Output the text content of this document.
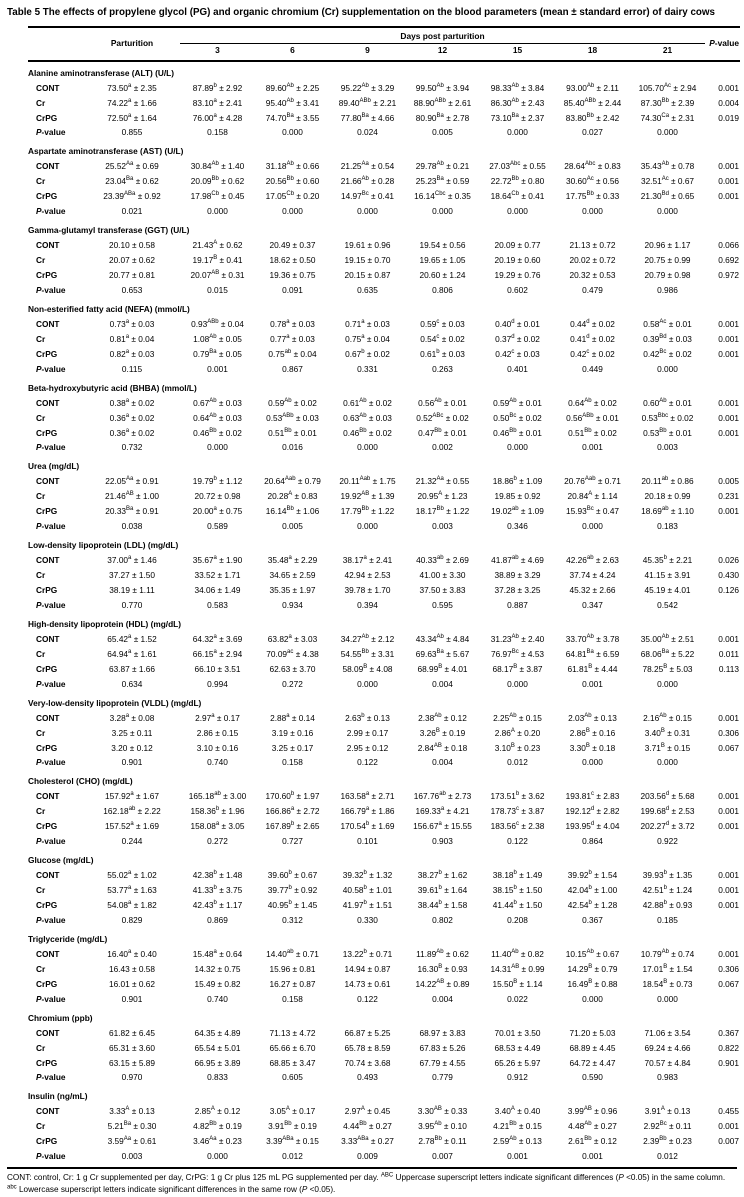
Table 5 The effects of propylene glycol (PG) and organic chromium (Cr) supplementation on the blood parameters (mean ± standard error) of dairy cows
	Parturition	Days post parturition							P-value
		3	6	9	12	15	18	21	
Alanine aminotransferase (ALT) (U/L)									
CONT	73.50$^a$ ± 2.35	87.89$^b$ ± 2.92	$89.60^{Ab} \pm 2.25$	$95.22^{Ab} \pm 3.29$	$99.50^{Ab} \pm 3.94$	$98.33^{Ab} \pm 3.84$	$93.00^{Ab} \pm 2.11$	$105.70^{Ac} \pm 2.94$	0.001
Cr	74.22$^a$ ± 1.66	83.10$^a$ ± 2.41	$95.40^{Ab} \pm 3.41$	$89.40^{ABb} \pm 2.21$	$88.90^{ABb} \pm 2.61$	$86.30^{Ab} \pm 2.43$	$85.40^{ABb} \pm 2.44$	$87.30^{Bb} \pm 2.39$	0.004
CrPG	72.50$^a$ ± 1.64	76.00$^a$ ± 4.28	$74.70^{Ba} \pm 3.55$	$77.80^{Ba} \pm 4.66$	$80.90^{Ba} \pm 2.78$	$73.10^{Ba} \pm 2.37$	$83.80^{Bb} \pm 2.42$	$74.30^{Ca} \pm 2.31$	0.019
P-value	0.855	0.158	0.000	0.024	0.005	0.000	0.027	0.000	
Aspartate aminotransferase (AST) (U/L)									
CONT	$25.52^{Aa} \pm 0.69$	$30.84^{Ab} \pm 1.40$	$31.18^{Ab} \pm 0.66$	$21.25^{Aa} \pm 0.54$	$29.78^{Ab} \pm 0.21$	$27.03^{Abc} \pm 0.55$	$28.64^{Abc} \pm 0.83$	$35.43^{Ab} \pm 0.78$	0.001
Cr	$23.04^{Ba} \pm 0.62$	$20.09^{Bb} \pm 0.62$	$20.56^{Bb} \pm 0.60$	$21.66^{Ab} \pm 0.28$	$25.23^{Ba} \pm 0.59$	$22.72^{Bb} \pm 0.80$	$30.60^{Ac} \pm 0.56$	$32.51^{Ac} \pm 0.67$	0.001
CrPG	$23.39^{ABa} \pm 0.92$	$17.98^{Cb} \pm 0.45$	$17.05^{Cb} \pm 0.20$	$14.97^{Bc} \pm 0.41$	$16.14^{Cbc} \pm 0.35$	$18.64^{Cb} \pm 0.41$	$17.75^{Bb} \pm 0.33$	$21.30^{Bd} \pm 0.65$	0.001
P-value	0.021	0.000	0.000	0.000	0.000	0.000	0.000	0.000	
Gamma-glutamyl transferase (GGT) (U/L)									
CONT	20.10 ± 0.58	$21.43^A \pm 0.62$	20.49 ± 0.37	19.61 ± 0.96	19.54 ± 0.56	20.09 ± 0.77	21.13 ± 0.72	20.96 ± 1.17	0.066
Cr	20.07 ± 0.62	$19.17^B \pm 0.41$	18.62 ± 0.50	19.15 ± 0.70	19.65 ± 1.05	20.19 ± 0.60	20.02 ± 0.72	20.75 ± 0.99	0.692
CrPG	20.77 ± 0.81	$20.07^{AB} \pm 0.31$	19.36 ± 0.75	20.15 ± 0.87	20.60 ± 1.24	19.29 ± 0.76	20.32 ± 0.53	20.79 ± 0.98	0.972
P-value	0.653	0.015	0.091	0.635	0.806	0.602	0.479	0.986	
Non-esterified fatty acid (NEFA) (mmol/L)									
CONT	0.73$^a$ ± 0.03	$0.93^{ABb} \pm 0.04$	0.78$^a$ ± 0.03	0.71$^a$ ± 0.03	0.59$^c$ ± 0.03	0.40$^d$ ± 0.01	0.44$^d$ ± 0.02	$0.58^{Ac} \pm 0.01$	0.001
Cr	0.81$^a$ ± 0.04	$1.08^{Ab} \pm 0.05$	0.77$^a$ ± 0.03	0.75$^a$ ± 0.04	0.54$^c$ ± 0.02	0.37$^d$ ± 0.02	0.41$^d$ ± 0.02	$0.39^{Bd} \pm 0.03$	0.001
CrPG	0.82$^a$ ± 0.03	$0.79^{Ba} \pm 0.05$	0.75$^{ab}$ ± 0.04	0.67$^b$ ± 0.02	0.61$^b$ ± 0.03	0.42$^c$ ± 0.03	0.42$^c$ ± 0.02	$0.42^{Bc} \pm 0.02$	0.001
P-value	0.115	0.001	0.867	0.331	0.263	0.401	0.449	0.000	
Beta-hydroxybutyric acid (BHBA) (mmol/L)									
CONT	0.38$^a$ ± 0.02	$0.67^{Ab} \pm 0.03$	$0.59^{Ab} \pm 0.02$	$0.61^{Ab} \pm 0.02$	$0.56^{Ab} \pm 0.01$	$0.59^{Ab} \pm 0.01$	$0.64^{Ab} \pm 0.02$	$0.60^{Ab} \pm 0.01$	0.001
Cr	0.36$^a$ ± 0.02	$0.64^{Ab} \pm 0.03$	$0.53^{ABb} \pm 0.03$	$0.63^{Ab} \pm 0.03$	$0.52^{ABc} \pm 0.02$	$0.50^{Bc} \pm 0.02$	$0.56^{ABb} \pm 0.01$	$0.53^{Bbc} \pm 0.02$	0.001
CrPG	0.36$^a$ ± 0.02	$0.46^{Bb} \pm 0.02$	$0.51^{Bb} \pm 0.01$	$0.46^{Bb} \pm 0.02$	$0.47^{Bb} \pm 0.01$	$0.46^{Bb} \pm 0.01$	$0.51^{Bb} \pm 0.02$	$0.53^{Bb} \pm 0.01$	0.001
P-value	0.732	0.000	0.016	0.000	0.002	0.000	0.001	0.003	
Urea (mg/dL)									
CONT	$22.05^{Aa} \pm 0.91$	19.79$^b$ ± 1.12	$20.64^{Aab} \pm 0.79$	$20.11^{Aab} \pm 1.75$	$21.32^{Aa} \pm 0.55$	18.86$^b$ ± 1.09	$20.76^{Aab} \pm 0.71$	20.11$^{ab}$ ± 0.86	0.005
Cr	$21.46^{AB} \pm 1.00$	20.72 ± 0.98	$20.28^A \pm 0.83$	$19.92^{AB} \pm 1.39$	$20.95^A \pm 1.23$	19.85 ± 0.92	$20.84^A \pm 1.14$	20.18 ± 0.99	0.231
CrPG	$20.33^{Ba} \pm 0.91$	20.00$^a$ ± 0.75	$16.14^{Bb} \pm 1.06$	$17.79^{Bb} \pm 1.22$	$18.17^{Bb} \pm 1.22$	19.02$^{ab}$ ± 1.09	$15.93^{Bc} \pm 0.47$	18.69$^{ab}$ ± 1.10	0.001
P-value	0.038	0.589	0.005	0.000	0.003	0.346	0.000	0.183	
Low-density lipoprotein (LDL) (mg/dL)									
CONT	37.00$^a$ ± 1.46	35.67$^a$ ± 1.90	35.48$^a$ ± 2.29	38.17$^a$ ± 2.41	40.33$^{ab}$ ± 2.69	41.87$^{ab}$ ± 4.69	42.26$^{ab}$ ± 2.63	45.35$^b$ ± 2.21	0.026
Cr	37.27 ± 1.50	33.52 ± 1.71	34.65 ± 2.59	42.94 ± 2.53	41.00 ± 3.30	38.89 ± 3.29	37.74 ± 4.24	41.15 ± 3.91	0.430
CrPG	38.19 ± 1.11	34.06 ± 1.49	35.35 ± 1.97	39.78 ± 1.70	37.50 ± 3.83	37.28 ± 3.25	45.32 ± 2.66	45.19 ± 4.01	0.126
P-value	0.770	0.583	0.934	0.394	0.595	0.887	0.347	0.542	
High-density lipoprotein (HDL) (mg/dL)									
CONT	65.42$^a$ ± 1.52	64.32$^a$ ± 3.69	63.82$^a$ ± 3.03	$34.27^{Ab} \pm 2.12$	$43.34^{Ab} \pm 4.84$	$31.23^{Ab} \pm 2.40$	$33.70^{Ab} \pm 3.78$	$35.00^{Ab} \pm 2.51$	0.001
Cr	64.94$^a$ ± 1.61	66.15$^a$ ± 2.94	70.09$^{ac}$ ± 4.38	$54.55^{Bb} \pm 3.31$	$69.63^{Ba} \pm 5.67$	$76.97^{Bc} \pm 4.53$	$64.81^{Ba} \pm 6.59$	$68.06^{Ba} \pm 5.22$	0.011
CrPG	63.87 ± 1.66	66.10 ± 3.51	62.63 ± 3.70	$58.09^B \pm 4.08$	$68.99^B \pm 4.01$	$68.17^B \pm 3.87$	$61.81^B \pm 4.44$	$78.25^B \pm 5.03$	0.113
P-value	0.634	0.994	0.272	0.000	0.004	0.000	0.001	0.000	
Very-low-density lipoprotein (VLDL) (mg/dL)									
CONT	3.28$^a$ ± 0.08	2.97$^a$ ± 0.17	2.88$^a$ ± 0.14	2.63$^b$ ± 0.13	$2.38^{Ab} \pm 0.12$	$2.25^{Ab} \pm 0.15$	$2.03^{Ab} \pm 0.13$	$2.16^{Ab} \pm 0.15$	0.001
Cr	3.25 ± 0.11	2.86 ± 0.15	3.19 ± 0.16	2.99 ± 0.17	$3.26^B \pm 0.19$	$2.86^A \pm 0.20$	$2.86^B \pm 0.16$	$3.40^B \pm 0.31$	0.306
CrPG	3.20 ± 0.12	3.10 ± 0.16	3.25 ± 0.17	2.95 ± 0.12	$2.84^{AB} \pm 0.18$	$3.10^B \pm 0.23$	$3.30^B \pm 0.18$	$3.71^B \pm 0.15$	0.067
P-value	0.901	0.740	0.158	0.122	0.004	0.012	0.000	0.000	
Cholesterol (CHO) (mg/dL)									
CONT	157.92$^a$ ± 1.67	165.18$^{ab}$ ± 3.00	170.60$^b$ ± 1.97	163.58$^a$ ± 2.71	167.76$^{ab}$ ± 2.73	173.51$^b$ ± 3.62	193.81$^c$ ± 2.83	203.56$^d$ ± 5.68	0.001
Cr	162.18$^{ab}$ ± 2.22	158.36$^b$ ± 1.96	166.86$^a$ ± 2.72	166.79$^a$ ± 1.86	169.33$^a$ ± 4.21	178.73$^c$ ± 3.87	192.12$^d$ ± 2.82	199.68$^d$ ± 2.53	0.001
CrPG	157.52$^a$ ± 1.69	158.08$^a$ ± 3.05	167.89$^b$ ± 2.65	170.54$^b$ ± 1.69	156.67$^a$ ± 15.55	183.56$^c$ ± 2.38	193.95$^d$ ± 4.04	202.27$^d$ ± 3.72	0.001
P-value	0.244	0.272	0.727	0.101	0.903	0.122	0.864	0.922	
Glucose (mg/dL)									
CONT	55.02$^a$ ± 1.02	42.38$^b$ ± 1.48	39.60$^b$ ± 0.67	39.32$^b$ ± 1.32	38.27$^b$ ± 1.62	38.18$^b$ ± 1.49	39.92$^b$ ± 1.54	39.93$^b$ ± 1.35	0.001
Cr	53.77$^a$ ± 1.63	41.33$^b$ ± 3.75	39.77$^b$ ± 0.92	40.58$^b$ ± 1.01	39.61$^b$ ± 1.64	38.15$^b$ ± 1.50	42.04$^b$ ± 1.00	42.51$^b$ ± 1.24	0.001
CrPG	54.08$^a$ ± 1.82	42.43$^b$ ± 1.17	40.95$^b$ ± 1.45	41.97$^b$ ± 1.51	38.44$^b$ ± 1.58	41.44$^b$ ± 1.50	42.54$^b$ ± 1.28	42.88$^b$ ± 0.93	0.001
P-value	0.829	0.869	0.312	0.330	0.802	0.208	0.367	0.185	
Triglyceride (mg/dL)									
CONT	16.40$^a$ ± 0.40	15.48$^a$ ± 0.64	14.40$^{ab}$ ± 0.71	13.22$^b$ ± 0.71	$11.89^{Ab} \pm 0.62$	$11.40^{Ab} \pm 0.82$	$10.15^{Ab} \pm 0.67$	$10.79^{Ab} \pm 0.74$	0.001
Cr	16.43 ± 0.58	14.32 ± 0.75	15.96 ± 0.81	14.94 ± 0.87	$16.30^B \pm 0.93$	$14.31^{AB} \pm 0.99$	$14.29^B \pm 0.79$	$17.01^B \pm 1.54$	0.306
CrPG	16.01 ± 0.62	15.49 ± 0.82	16.27 ± 0.87	14.73 ± 0.61	$14.22^{AB} \pm 0.89$	$15.50^B \pm 1.14$	$16.49^B \pm 0.88$	$18.54^B \pm 0.73$	0.067
P-value	0.901	0.740	0.158	0.122	0.004	0.022	0.000	0.000	
Chromium (ppb)									
CONT	61.82 ± 6.45	64.35 ± 4.89	71.13 ± 4.72	66.87 ± 5.25	68.97 ± 3.83	70.01 ± 3.50	71.20 ± 5.03	71.06 ± 3.54	0.367
Cr	65.31 ± 3.60	65.54 ± 5.01	65.66 ± 6.70	65.78 ± 8.59	67.83 ± 5.26	68.53 ± 4.49	68.89 ± 4.45	69.24 ± 4.66	0.822
CrPG	63.15 ± 5.89	66.95 ± 3.89	68.85 ± 3.47	70.74 ± 3.68	67.79 ± 4.55	65.26 ± 5.97	64.72 ± 4.47	70.57 ± 4.84	0.901
P-value	0.970	0.833	0.605	0.493	0.779	0.912	0.590	0.983	
Insulin (ng/mL)									
CONT	$3.33^A \pm 0.13$	$2.85^A \pm 0.12$	$3.05^A \pm 0.17$	$2.97^A \pm 0.45$	$3.30^{AB} \pm 0.33$	$3.40^A \pm 0.40$	$3.99^{AB} \pm 0.96$	$3.91^A \pm 0.13$	0.455
Cr	$5.21^{Ba} \pm 0.30$	$4.82^{Bb} \pm 0.19$	$3.91^{Bb} \pm 0.19$	$4.44^{Bb} \pm 0.27$	$3.95^{Ab} \pm 0.10$	$4.21^{Bb} \pm 0.15$	$4.48^{Ab} \pm 0.27$	$2.92^{Bc} \pm 0.11$	0.001
CrPG	$3.59^{Aa} \pm 0.61$	$3.46^{Aa} \pm 0.23$	$3.39^{ABa} \pm 0.15$	$3.33^{ABa} \pm 0.27$	$2.78^{Bb} \pm 0.11$	$2.59^{Ab} \pm 0.13$	$2.61^{Bb} \pm 0.12$	$2.39^{Bb} \pm 0.23$	0.007
P-value	0.003	0.000	0.012	0.009	0.007	0.001	0.001	0.012	
CONT: control, Cr: 1 g Cr supplemented per day, CrPG: 1 g Cr plus 125 mL PG supplemented per day. $^{ABC}$ Uppercase superscript letters indicate significant differences (P <0.05) in the same column. $^{abc}$ Lowercase superscript letters indicate significant differences in the same row (P <0.05).
